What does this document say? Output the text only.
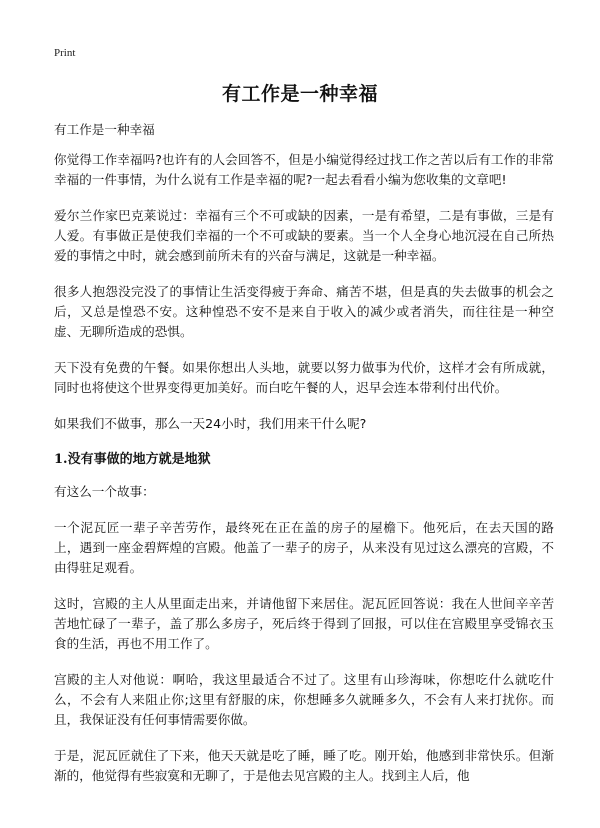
Print
有工作是一种幸福

有工作是一种幸福

你觉得工作幸福吗?也许有的人会回答不，但是小编觉得经过找工作之苦以后有工作的非常幸福的一件事情，为什么说有工作是幸福的呢?一起去看看小编为您收集的文章吧!

爱尔兰作家巴克莱说过：幸福有三个不可或缺的因素，一是有希望，二是有事做，三是有人爱。有事做正是使我们幸福的一个不可或缺的要素。当一个人全身心地沉浸在自己所热爱的事情之中时，就会感到前所未有的兴奋与满足，这就是一种幸福。

很多人抱怨没完没了的事情让生活变得疲于奔命、痛苦不堪，但是真的失去做事的机会之后，又总是惶恐不安。这种惶恐不安不是来自于收入的减少或者消失，而往往是一种空虚、无聊所造成的恐惧。

天下没有免费的午餐。如果你想出人头地，就要以努力做事为代价，这样才会有所成就，同时也将使这个世界变得更加美好。而白吃午餐的人，迟早会连本带利付出代价。

如果我们不做事，那么一天24小时，我们用来干什么呢?

1.没有事做的地方就是地狱

有这么一个故事：

一个泥瓦匠一辈子辛苦劳作，最终死在正在盖的房子的屋檐下。他死后，在去天国的路上，遇到一座金碧辉煌的宫殿。他盖了一辈子的房子，从来没有见过这么漂亮的宫殿，不由得驻足观看。

这时，宫殿的主人从里面走出来，并请他留下来居住。泥瓦匠回答说：我在人世间辛辛苦苦地忙碌了一辈子，盖了那么多房子，死后终于得到了回报，可以住在宫殿里享受锦衣玉食的生活，再也不用工作了。

宫殿的主人对他说：啊哈，我这里最适合不过了。这里有山珍海味，你想吃什么就吃什么，不会有人来阻止你;这里有舒服的床，你想睡多久就睡多久，不会有人来打扰你。而且，我保证没有任何事情需要你做。

于是，泥瓦匠就住了下来，他天天就是吃了睡，睡了吃。刚开始，他感到非常快乐。但渐渐的，他觉得有些寂寞和无聊了，于是他去见宫殿的主人。找到主人后，他
